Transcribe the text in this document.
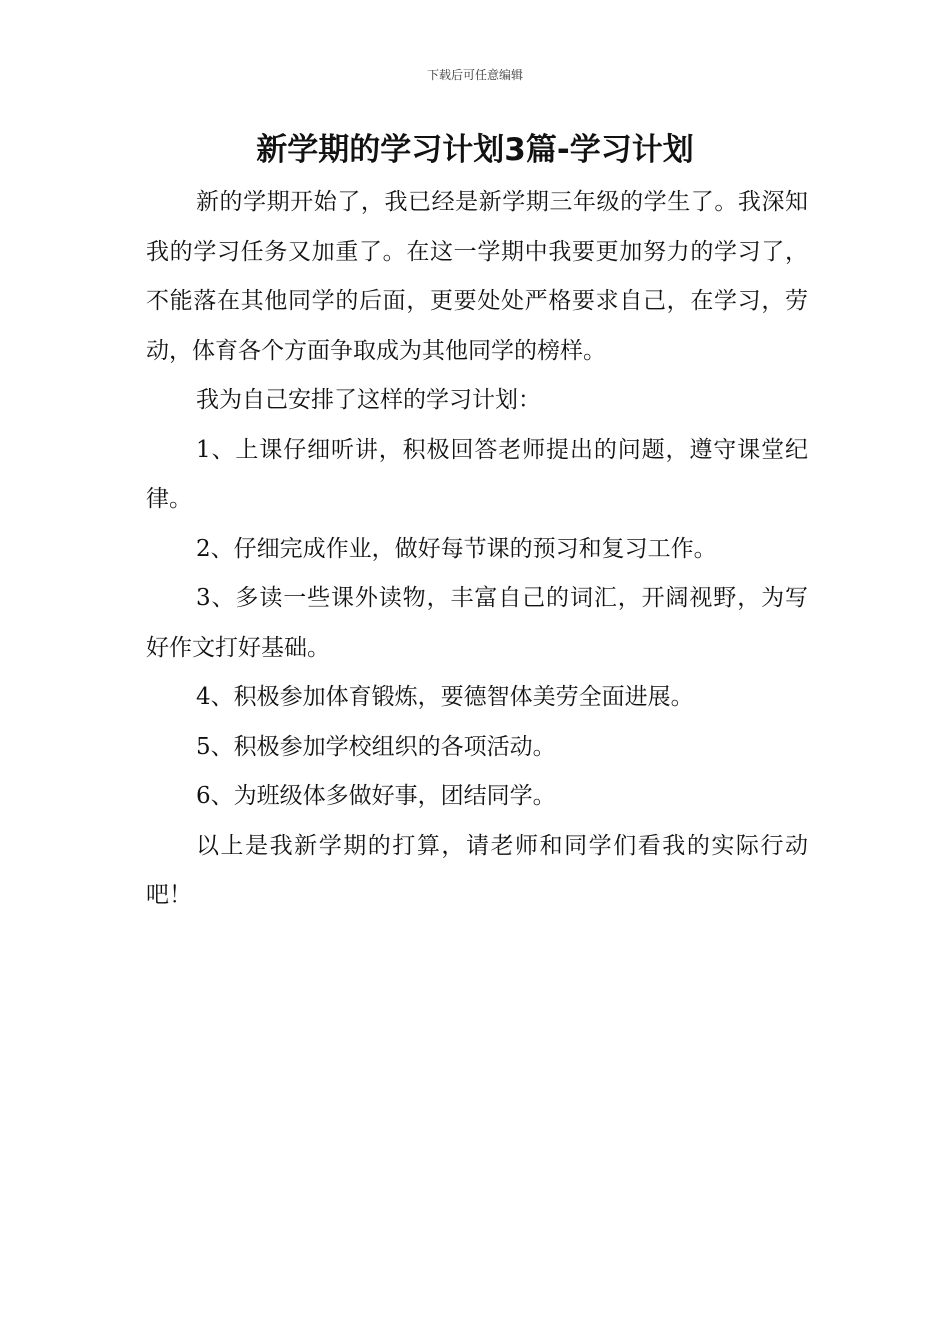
下载后可任意编辑
新学期的学习计划3篇-学习计划

新的学期开始了，我已经是新学期三年级的学生了。我深知我的学习任务又加重了。在这一学期中我要更加努力的学习了，不能落在其他同学的后面，更要处处严格要求自己，在学习，劳动，体育各个方面争取成为其他同学的榜样。

我为自己安排了这样的学习计划：

1、上课仔细听讲，积极回答老师提出的问题，遵守课堂纪律。

2、仔细完成作业，做好每节课的预习和复习工作。

3、多读一些课外读物，丰富自己的词汇，开阔视野，为写好作文打好基础。

4、积极参加体育锻炼，要德智体美劳全面进展。

5、积极参加学校组织的各项活动。

6、为班级体多做好事，团结同学。

以上是我新学期的打算，请老师和同学们看我的实际行动吧！
